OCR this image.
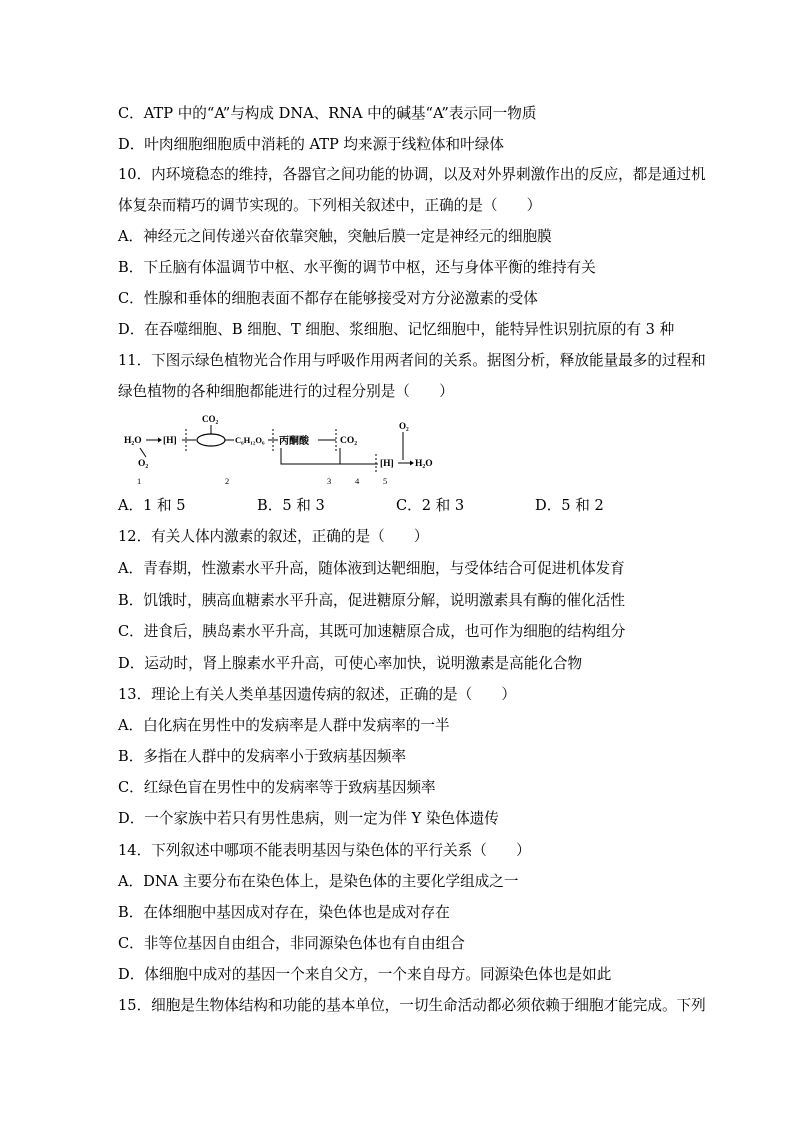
C．ATP 中的“A”与构成 DNA、RNA 中的碱基“A”表示同一物质
D．叶肉细胞细胞质中消耗的 ATP 均来源于线粒体和叶绿体
10．内环境稳态的维持，各器官之间功能的协调，以及对外界刺激作出的反应，都是通过机
体复杂而精巧的调节实现的。下列相关叙述中，正确的是（　　）
A．神经元之间传递兴奋依靠突触，突触后膜一定是神经元的细胞膜
B．下丘脑有体温调节中枢、水平衡的调节中枢，还与身体平衡的维持有关
C．性腺和垂体的细胞表面不都存在能够接受对方分泌激素的受体
D．在吞噬细胞、B 细胞、T 细胞、浆细胞、记忆细胞中，能特异性识别抗原的有 3 种
11．下图示绿色植物光合作用与呼吸作用两者间的关系。据图分析，释放能量最多的过程和
绿色植物的各种细胞都能进行的过程分别是（　　）
H₂O [H]
O₂
CO₂
C₆H₁₂O₆ 丙酮酸	CO₂
[H]
O₂
H₂O
1	2	3	4	5
A．1 和 5	B．5 和 3	C．2 和 3	D．5 和 2
12．有关人体内激素的叙述，正确的是（　　）
A．青春期，性激素水平升高，随体液到达靶细胞，与受体结合可促进机体发育
B．饥饿时，胰高血糖素水平升高，促进糖原分解，说明激素具有酶的催化活性
C．进食后，胰岛素水平升高，其既可加速糖原合成，也可作为细胞的结构组分
D．运动时，肾上腺素水平升高，可使心率加快，说明激素是高能化合物
13．理论上有关人类单基因遗传病的叙述，正确的是（　　）
A．白化病在男性中的发病率是人群中发病率的一半
B．多指在人群中的发病率小于致病基因频率
C．红绿色盲在男性中的发病率等于致病基因频率
D．一个家族中若只有男性患病，则一定为伴 Y 染色体遗传
14．下列叙述中哪项不能表明基因与染色体的平行关系（　　）
A．DNA 主要分布在染色体上，是染色体的主要化学组成之一
B．在体细胞中基因成对存在，染色体也是成对存在
C．非等位基因自由组合，非同源染色体也有自由组合
D．体细胞中成对的基因一个来自父方，一个来自母方。同源染色体也是如此
15．细胞是生物体结构和功能的基本单位，一切生命活动都必须依赖于细胞才能完成。下列
